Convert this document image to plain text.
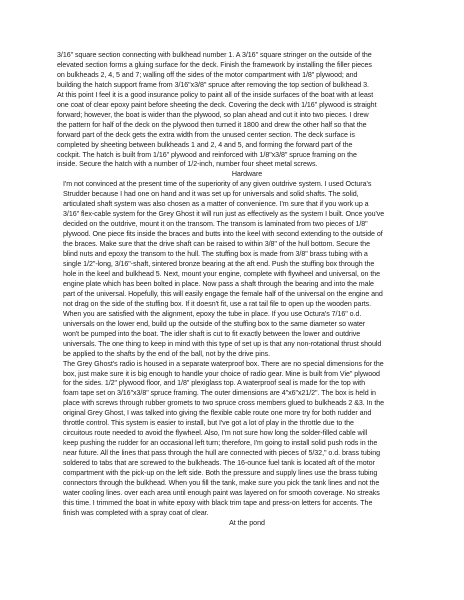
3/16" square section connecting with bulkhead number 1. A 3/16" square stringer on the outside of the
elevated section forms a gluing surface for the deck. Finish the framework by installing the filler pieces
on bulkheads 2, 4, 5 and 7; walling off the sides of the motor compartment with 1/8" plywood; and
building the hatch support frame from 3/16"x3/8" spruce after removing the top section of bulkhead 3.
At this point I feel it is a good insurance policy to paint all of the inside surfaces of the boat with at least
one coat of clear epoxy paint before sheeting the deck. Covering the deck with 1/16" plywood is straight
forward; however, the boat is wider than the plywood, so plan ahead and cut it into two pieces. I drew
the pattern for half of the deck on the plywood then turned it 1800 and drew the other half so that the
forward part of the deck gets the extra width from the unused center section. The deck surface is
completed by sheeting between bulkheads 1 and 2, 4 and 5, and forming the forward part of the
cockpit. The hatch is built from 1/16" plywood and reinforced with 1/8"x3/8" spruce framing on the
inside. Secure the hatch with a number of 1/2-inch, number four sheet metal screws.

Hardware

I'm not convinced at the present time of the superiority of any given outdrive system. I used Octura's
Strudder because I had one on hand and it was set up for universals and solid shafts. The solid,
articulated shaft system was also chosen as a matter of convenience. I'm sure that if you work up a
3/16" flex-cable system for the Grey Ghost it will run just as effectively as the system I built. Once you've
decided on the outdrive, mount it on the transom. The transom is laminated from two pieces of 1/8"
plywood. One piece fits inside the braces and butts into the keel with second extending to the outside of
the braces. Make sure that the drive shaft can be raised to within 3/8" of the hull bottom. Secure the
blind nuts and epoxy the transom to the hull. The stuffing box is made from 3/8" brass tubing with a
single 1/2"-long, 3/16"-shaft, sintered bronze bearing at the aft end. Push the stuffing box through the
hole in the keel and bulkhead 5. Next, mount your engine, complete with flywheel and universal, on the
engine plate which has been bolted in place. Now pass a shaft through the bearing and into the male
part of the universal. Hopefully, this will easily engage the female half of the universal on the engine and
not drag on the side of the stuffing box. If it doesn't fit, use a rat tail file to open up the wooden parts.
When you are satisfied with the alignment, epoxy the tube in place. If you use Octura's 7/16" o.d.
universals on the lower end, build up the outside of the stuffing box to the same diameter so water
won't be pumped into the boat. The idler shaft is cut to fit exactly between the lower and outdrive
universals. The one thing to keep in mind with this type of set up is that any non-rotational thrust should
be applied to the shafts by the end of the ball, not by the drive pins.
The Grey Ghost's radio is housed in a separate waterproof box. There are no special dimensions for the
box, just make sure it is big enough to handle your choice of radio gear. Mine is built from Vie" plywood
for the sides. 1/2" plywood floor, and 1/8" plexiglass top. A waterproof seal is made for the top with
foam tape set on 3/16"x3/8" spruce framing. The outer dimensions are 4"x6"x21/2". The box is held in
place with screws through rubber gromets to two spruce cross members glued to bulkheads 2 &3. In the
original Grey Ghost, I was talked into giving the flexible cable route one more try for both rudder and
throttle control. This system is easier to install, but I've got a lot of play in the throttle due to the
circuitous route needed to avoid the flywheel. Also, I'm not sure how long the solder-filled cable will
keep pushing the rudder for an occasional left turn; therefore, I'm going to install solid push rods in the
near future. All the lines that pass through the hull are connected with pieces of 5/32," o.d. brass tubing
soldered to tabs that are screwed to the bulkheads. The 16-ounce fuel tank is located aft of the motor
compartment with the pick-up on the left side. Both the pressure and supply lines use the brass tubing
connectors through the bulkhead. When you fill the tank, make sure you pick the tank lines and not the
water cooling lines. over each area until enough paint was layered on for smooth coverage. No streaks
this time. I trimmed the boat in white epoxy with black trim tape and press-on letters for accents. The
finish was completed with a spray coat of clear.

At the pond
